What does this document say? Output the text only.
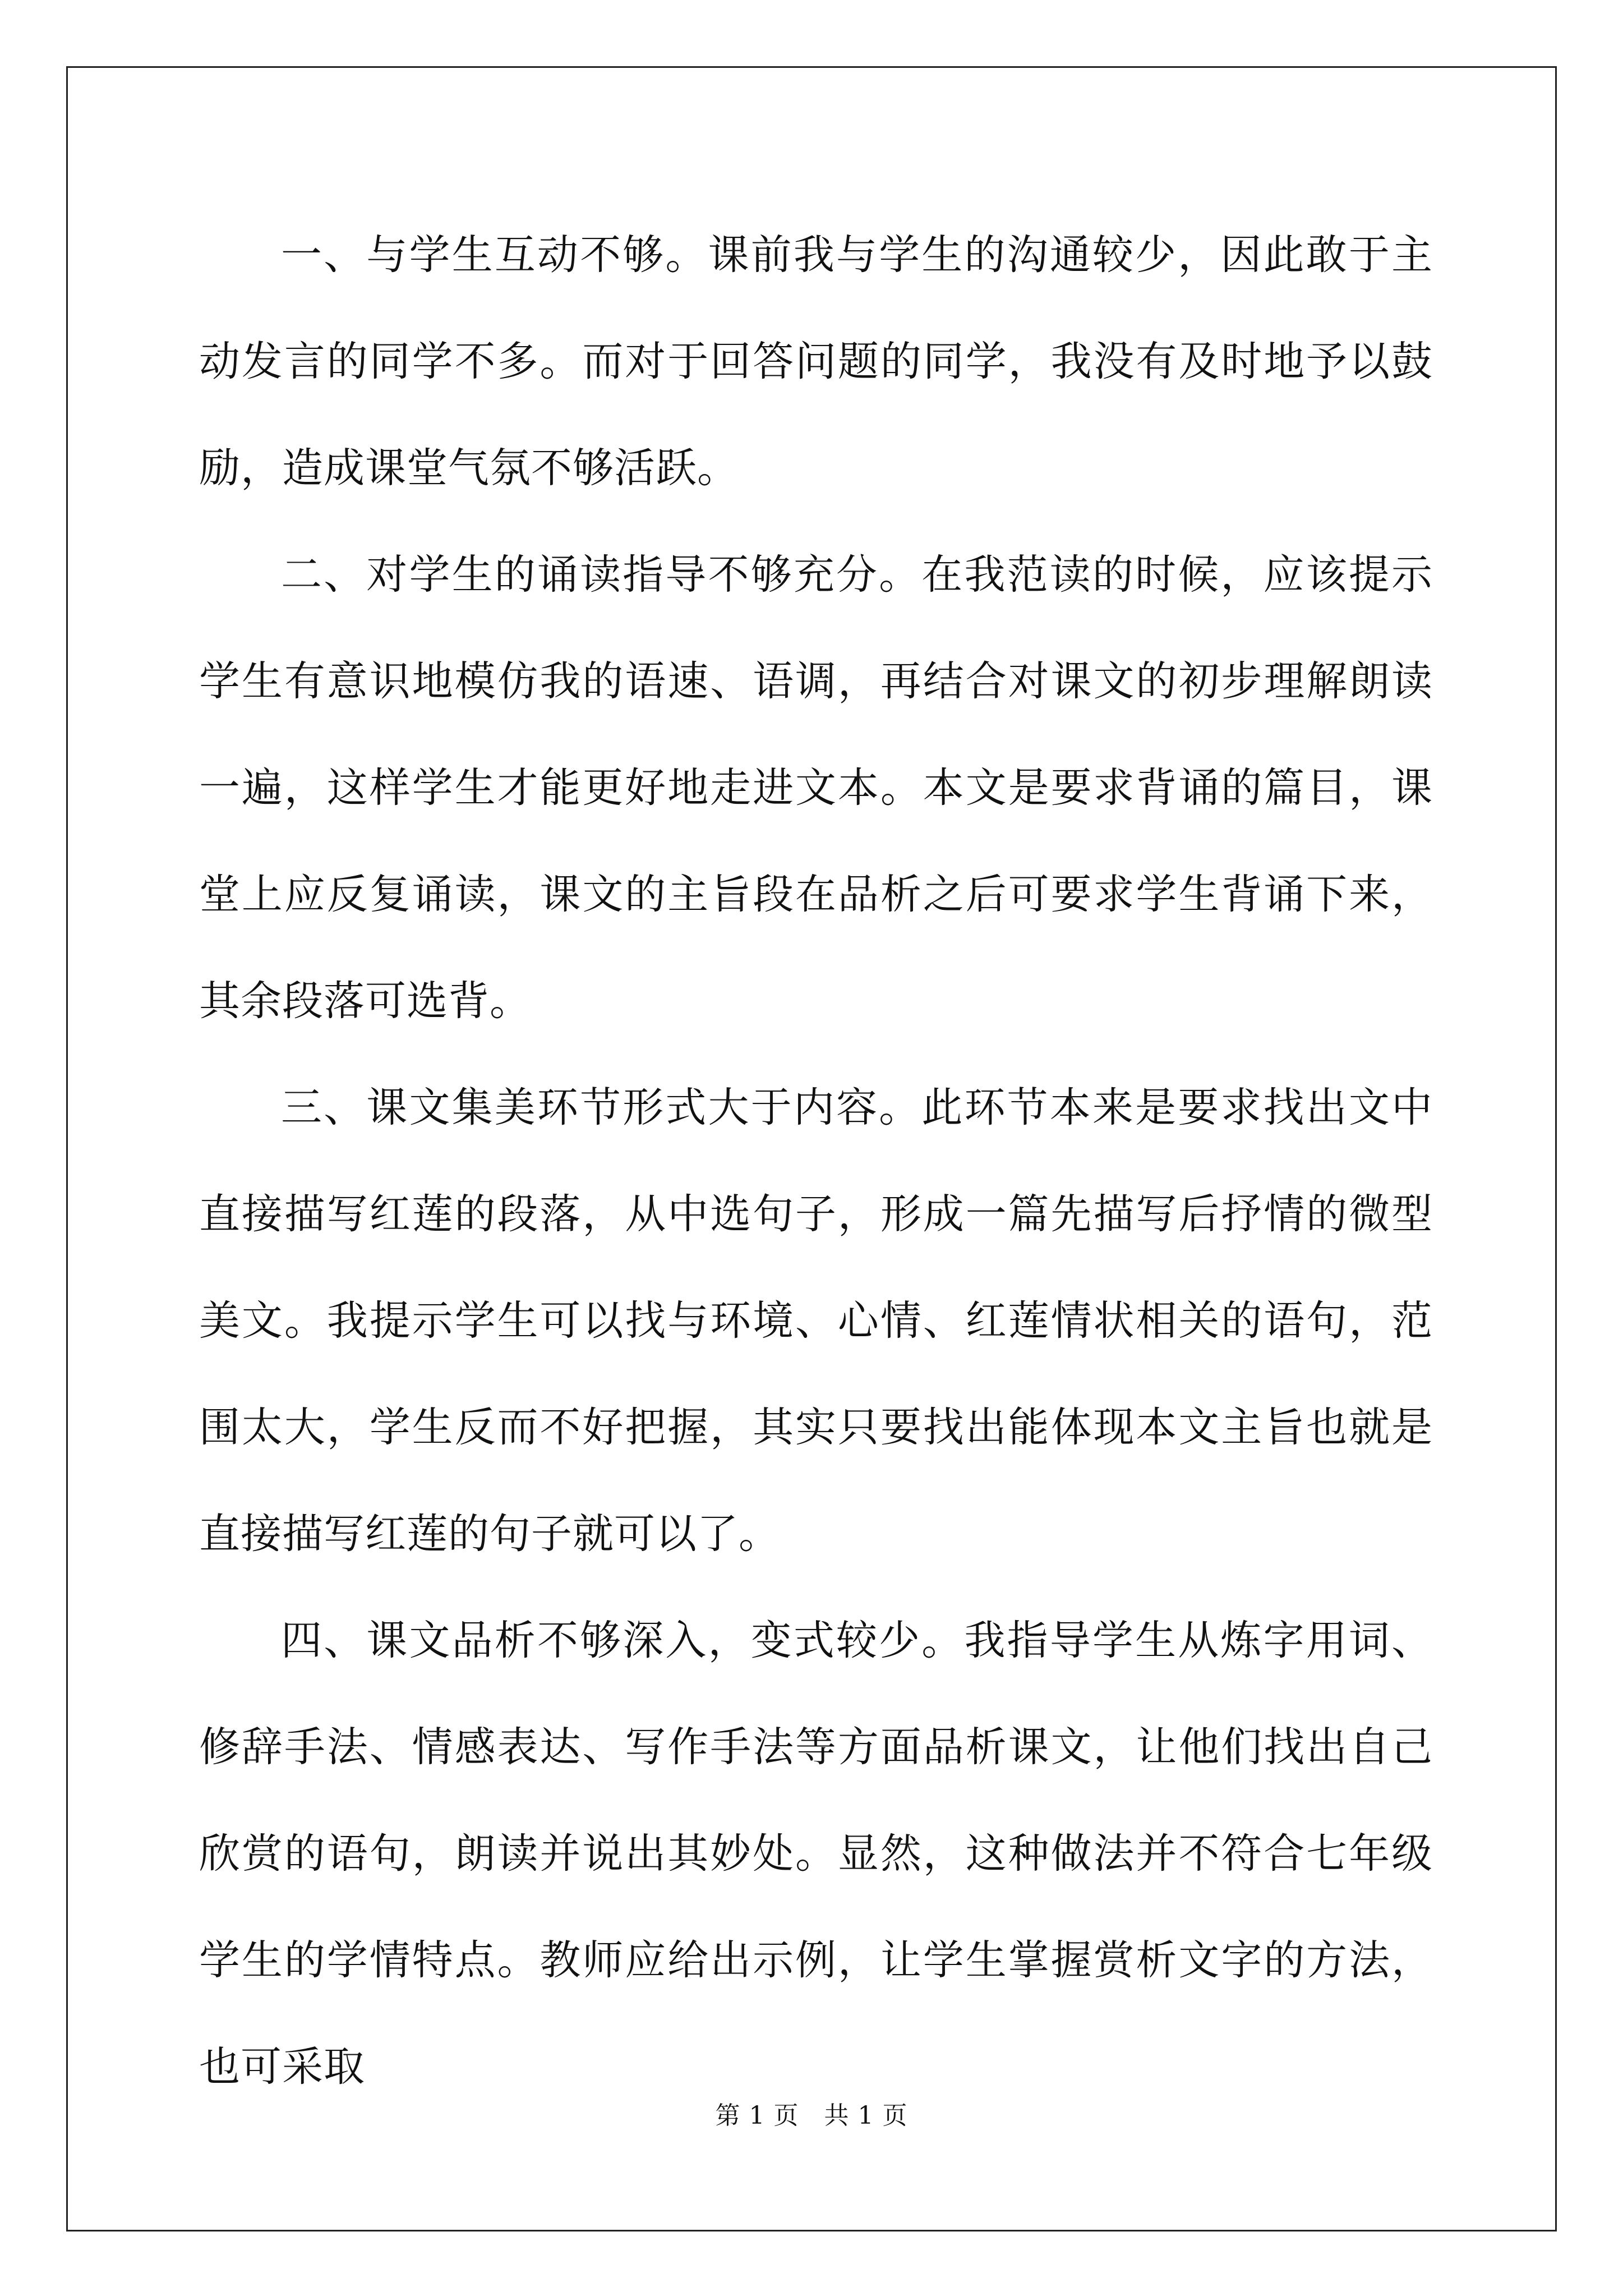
一、与学生互动不够。课前我与学生的沟通较少，因此敢于主动发言的同学不多。而对于回答问题的同学，我没有及时地予以鼓励，造成课堂气氛不够活跃。

二、对学生的诵读指导不够充分。在我范读的时候，应该提示学生有意识地模仿我的语速、语调，再结合对课文的初步理解朗读一遍，这样学生才能更好地走进文本。本文是要求背诵的篇目，课堂上应反复诵读，课文的主旨段在品析之后可要求学生背诵下来，其余段落可选背。

三、课文集美环节形式大于内容。此环节本来是要求找出文中直接描写红莲的段落，从中选句子，形成一篇先描写后抒情的微型美文。我提示学生可以找与环境、心情、红莲情状相关的语句，范围太大，学生反而不好把握，其实只要找出能体现本文主旨也就是直接描写红莲的句子就可以了。

四、课文品析不够深入，变式较少。我指导学生从炼字用词、修辞手法、情感表达、写作手法等方面品析课文，让他们找出自己欣赏的语句，朗读并说出其妙处。显然，这种做法并不符合七年级学生的学情特点。教师应给出示例，让学生掌握赏析文字的方法，也可采取

第 1 页　共 1 页
